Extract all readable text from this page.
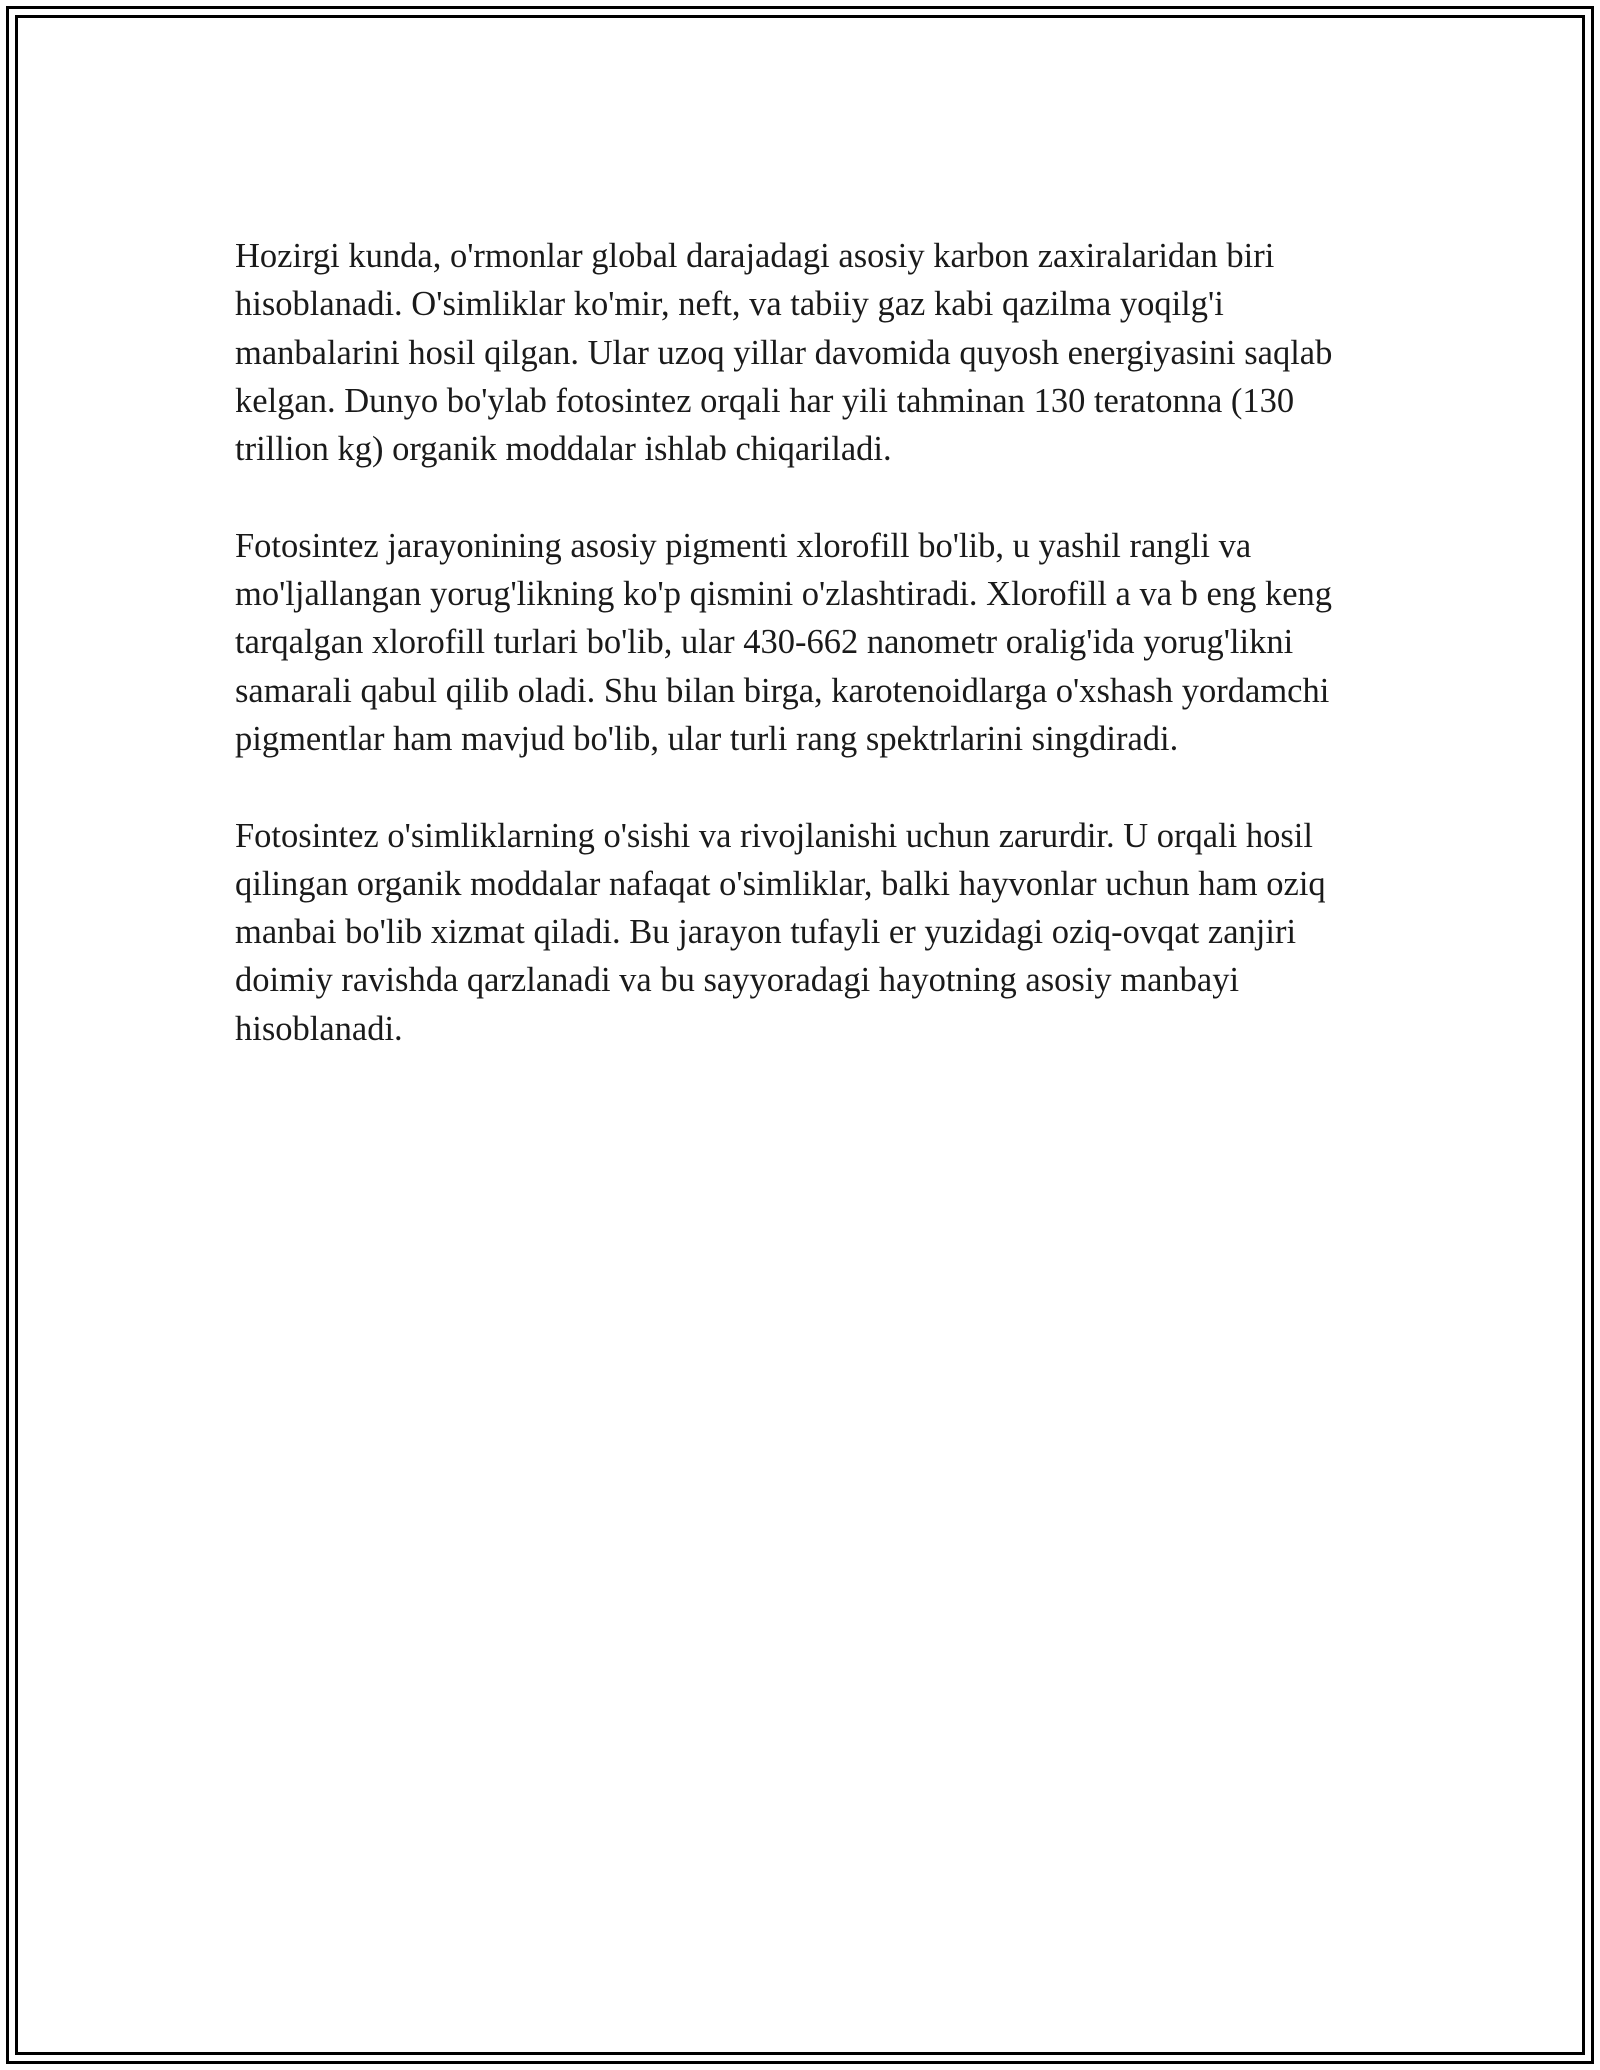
Hozirgi kunda, o'rmonlar global darajadagi asosiy karbon zaxiralaridan biri hisoblanadi. O'simliklar ko'mir, neft, va tabiiy gaz kabi qazilma yoqilg'i manbalarini hosil qilgan. Ular uzoq yillar davomida quyosh energiyasini saqlab kelgan. Dunyo bo'ylab fotosintez orqali har yili tahminan 130 teratonna (130 trillion kg) organik moddalar ishlab chiqariladi.

Fotosintez jarayonining asosiy pigmenti xlorofill bo'lib, u yashil rangli va mo'ljallangan yorug'likning ko'p qismini o'zlashtiradi. Xlorofill a va b eng keng tarqalgan xlorofill turlari bo'lib, ular 430-662 nanometr oralig'ida yorug'likni samarali qabul qilib oladi. Shu bilan birga, karotenoidlarga o'xshash yordamchi pigmentlar ham mavjud bo'lib, ular turli rang spektrlarini singdiradi.

Fotosintez o'simliklarning o'sishi va rivojlanishi uchun zarurdir. U orqali hosil qilingan organik moddalar nafaqat o'simliklar, balki hayvonlar uchun ham oziq manbai bo'lib xizmat qiladi. Bu jarayon tufayli er yuzidagi oziq-ovqat zanjiri doimiy ravishda qarzlanadi va bu sayyoradagi hayotning asosiy manbayi hisoblanadi.
